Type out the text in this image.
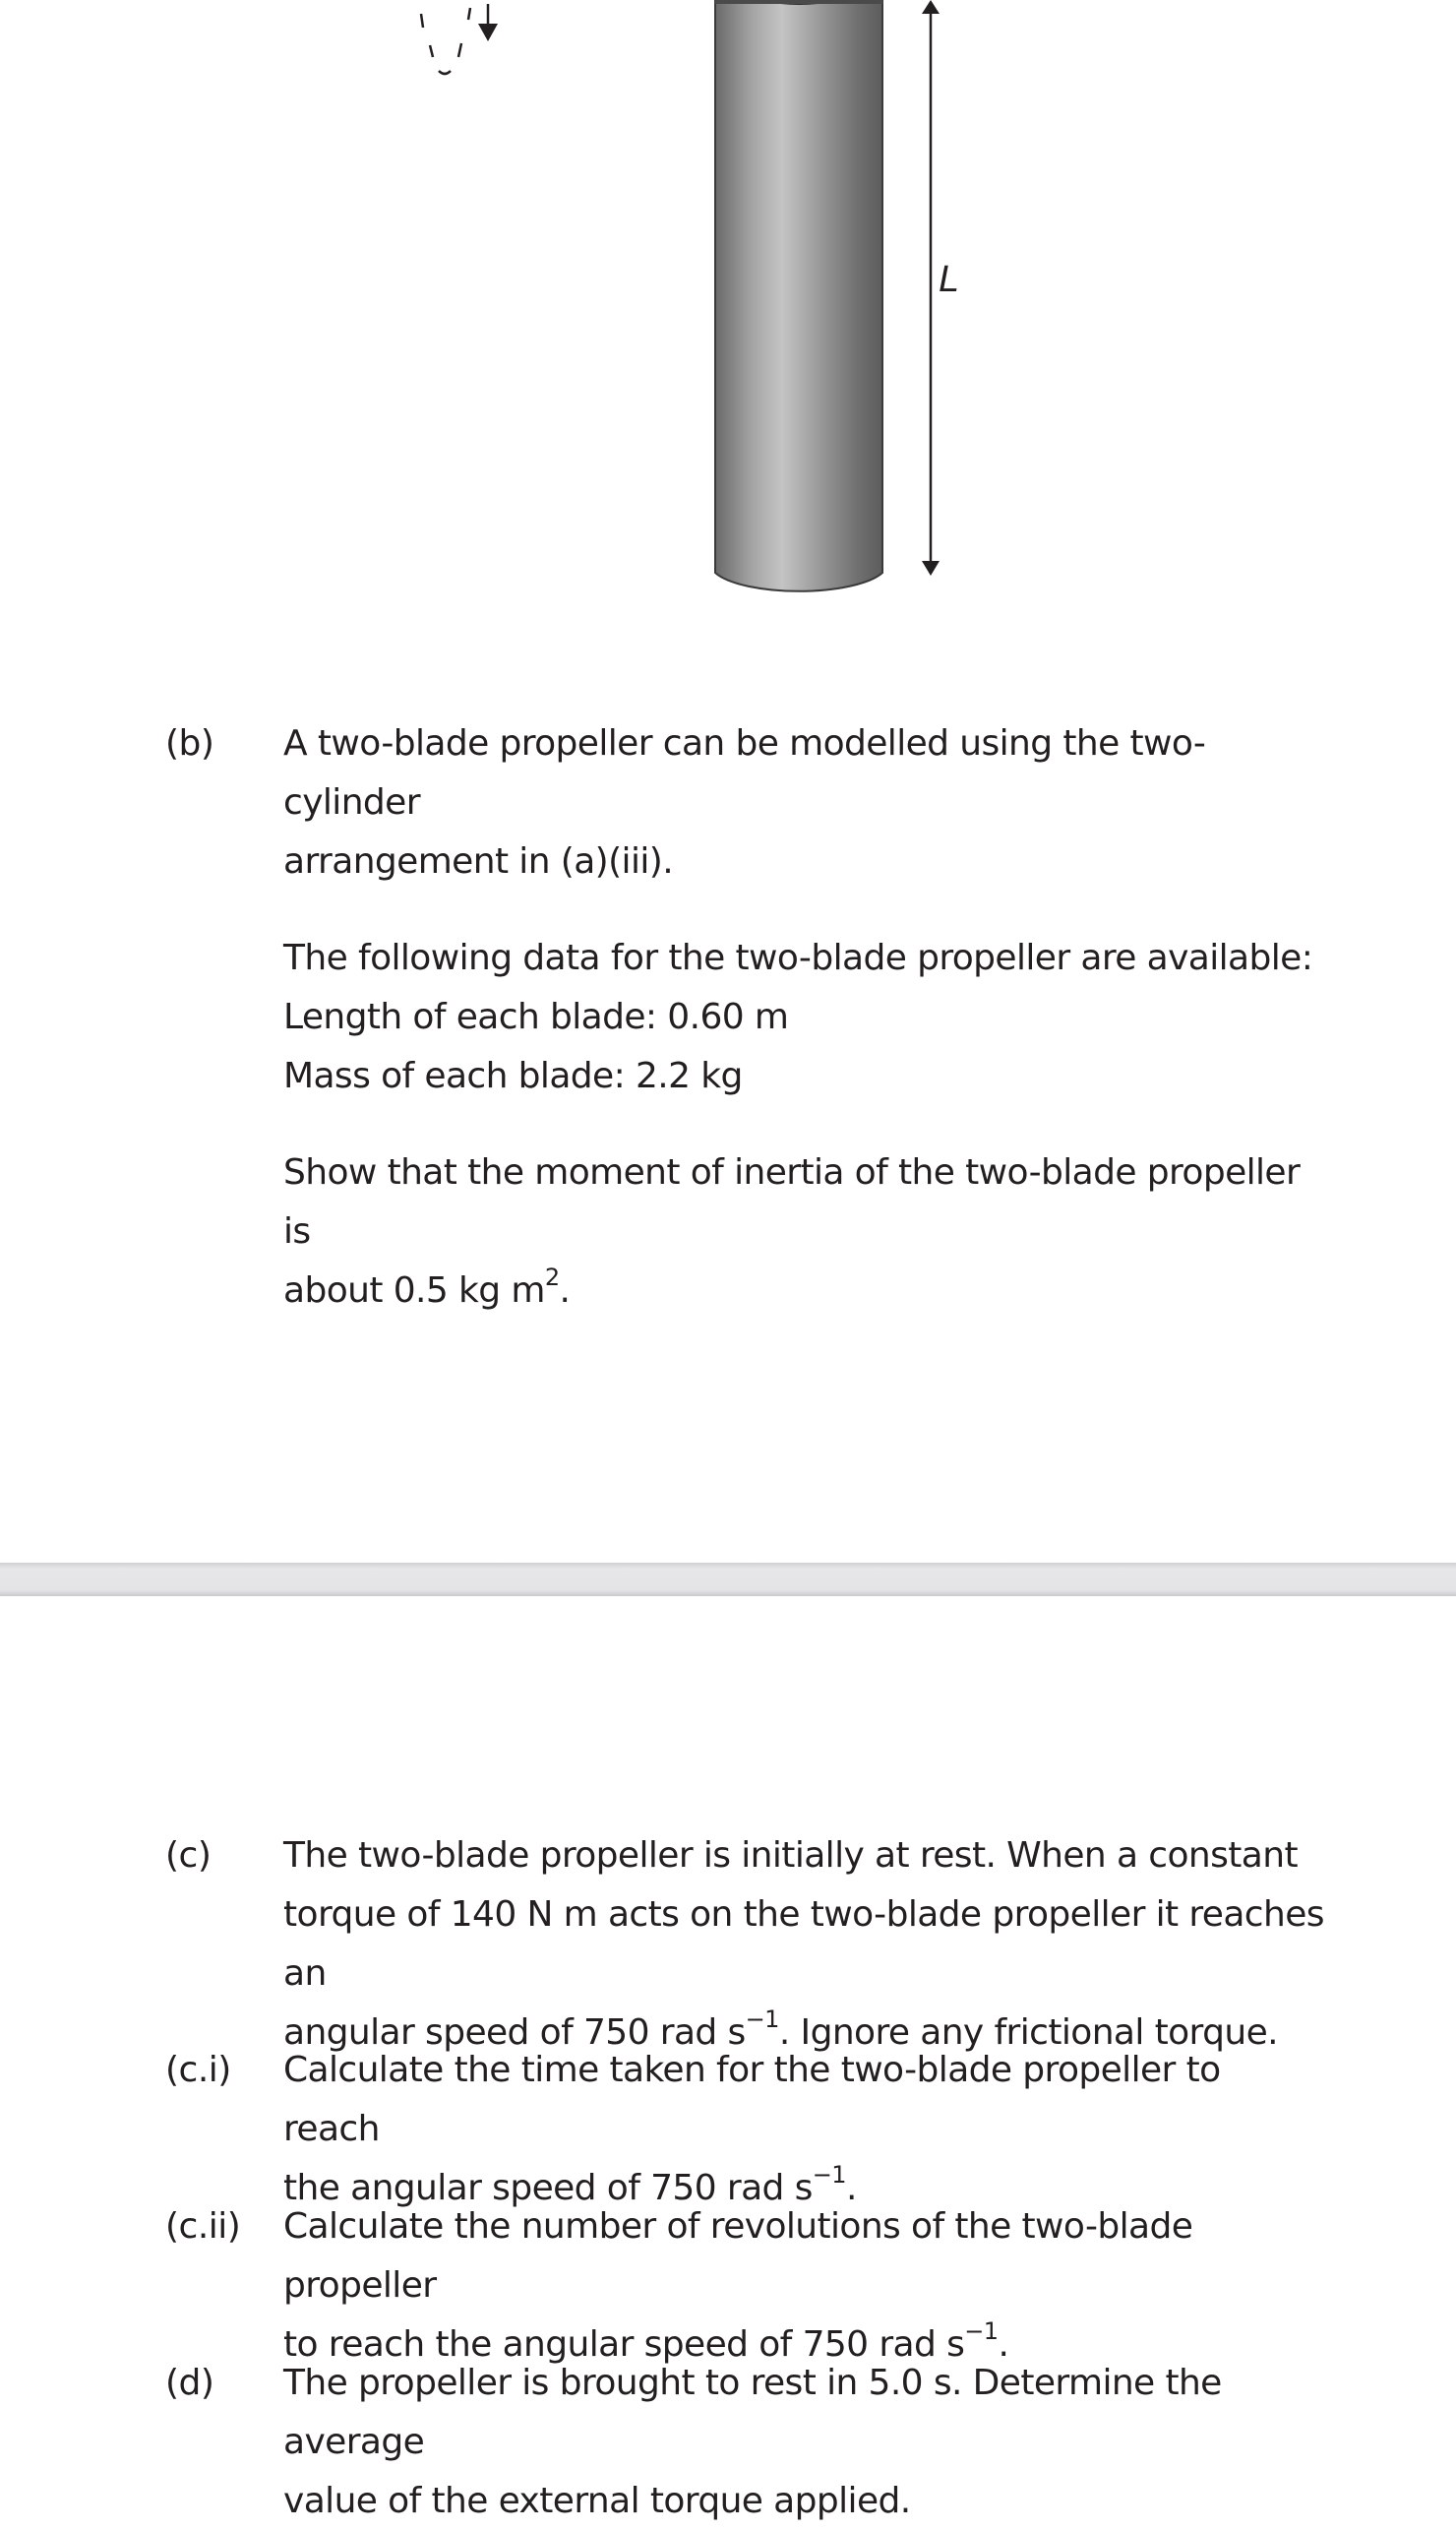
L
(b) A two-blade propeller can be modelled using the two-cylinder

arrangement in (a)(iii).

The following data for the two-blade propeller are available:

Length of each blade: 0.60 m

Mass of each blade: 2.2 kg

Show that the moment of inertia of the two-blade propeller is

about 0.5 kg $m^2$.

(c) The two-blade propeller is initially at rest. When a constant

torque of 140 N m acts on the two-blade propeller it reaches an

angular speed of 750 rad $s^{-1}$. Ignore any frictional torque.

(c.i) Calculate the time taken for the two-blade propeller to reach

the angular speed of 750 rad $s^{-1}$.

(c.ii) Calculate the number of revolutions of the two-blade propeller

to reach the angular speed of 750 rad $s^{-1}$.

(d) The propeller is brought to rest in 5.0 s. Determine the average

value of the external torque applied.
